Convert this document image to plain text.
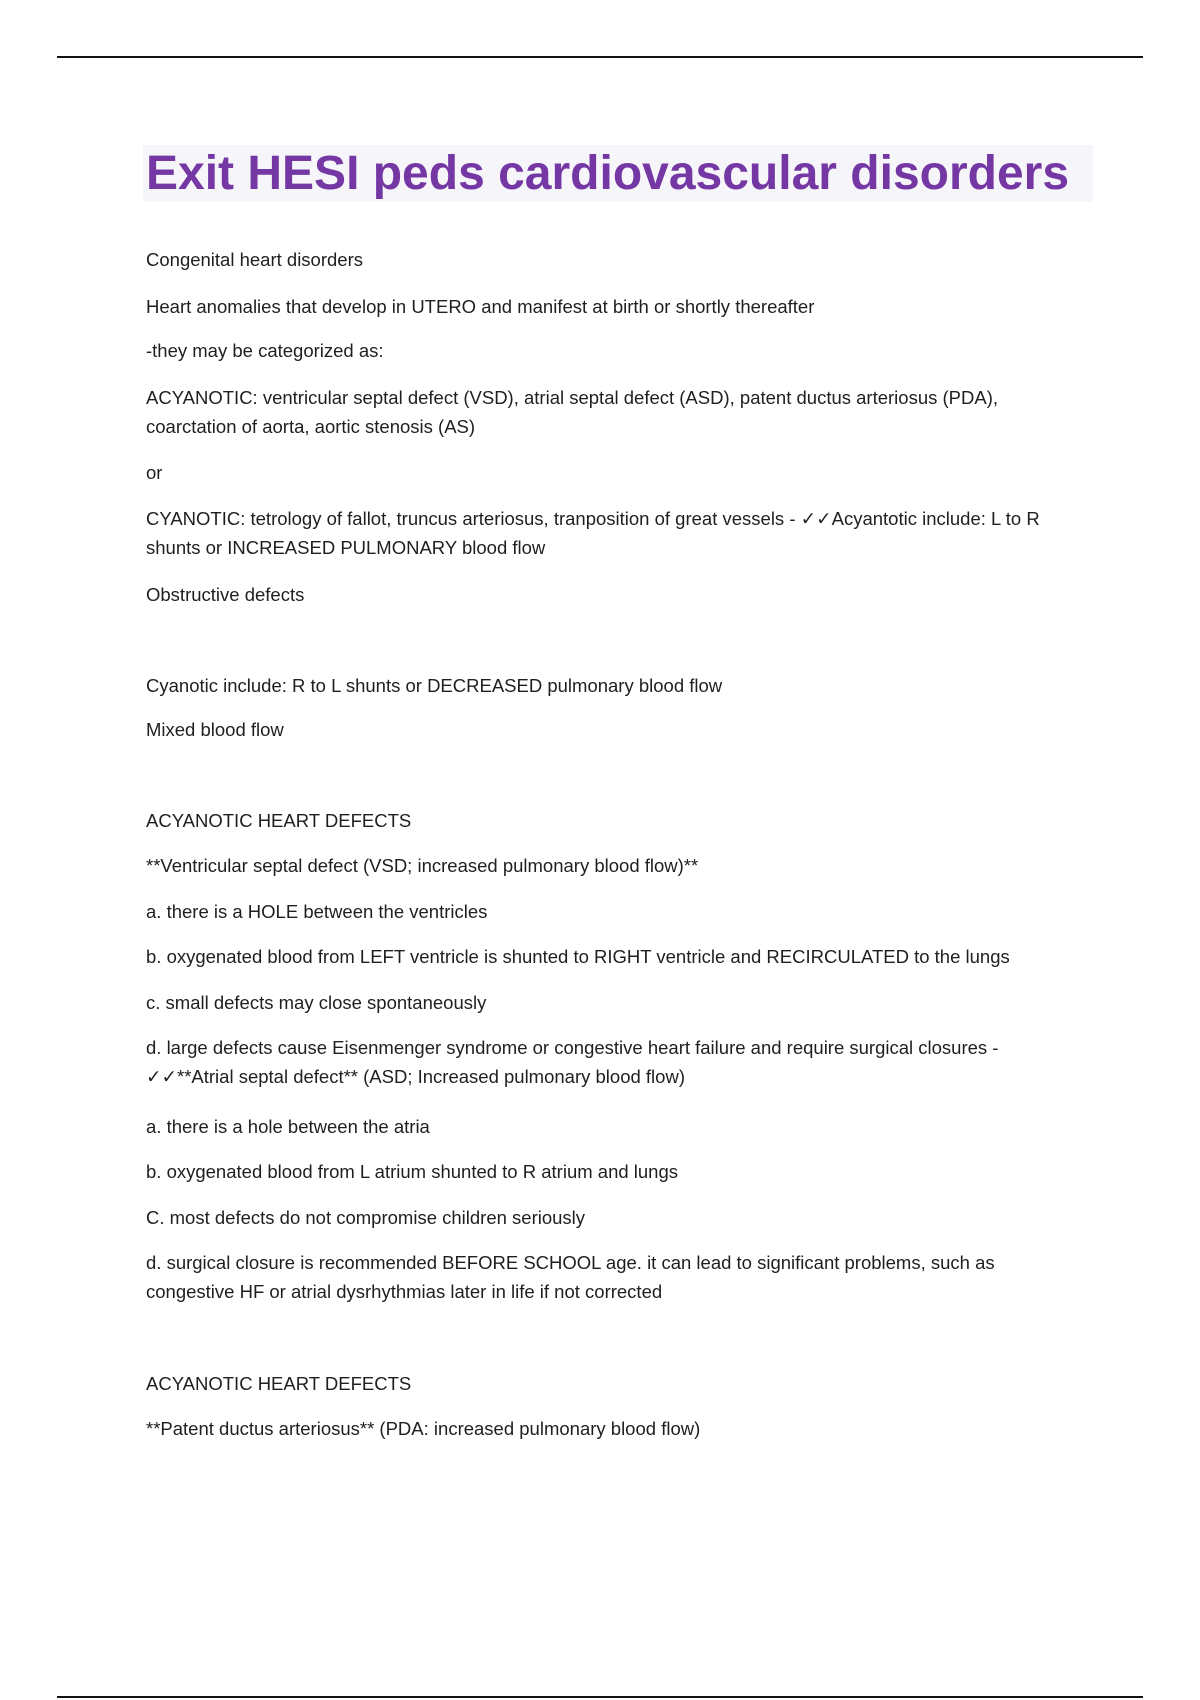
Exit HESI peds cardiovascular disorders

Congenital heart disorders

Heart anomalies that develop in UTERO and manifest at birth or shortly thereafter

-they may be categorized as:

ACYANOTIC: ventricular septal defect (VSD), atrial septal defect (ASD), patent ductus arteriosus (PDA), coarctation of aorta, aortic stenosis (AS)

or

CYANOTIC: tetrology of fallot, truncus arteriosus, tranposition of great vessels - ✓✓Acyantotic include: L to R shunts or INCREASED PULMONARY blood flow

Obstructive defects

Cyanotic include: R to L shunts or DECREASED pulmonary blood flow

Mixed blood flow

ACYANOTIC HEART DEFECTS

**Ventricular septal defect (VSD; increased pulmonary blood flow)**

a. there is a HOLE between the ventricles

b. oxygenated blood from LEFT ventricle is shunted to RIGHT ventricle and RECIRCULATED to the lungs

c. small defects may close spontaneously

d. large defects cause Eisenmenger syndrome or congestive heart failure and require surgical closures - ✓✓**Atrial septal defect** (ASD; Increased pulmonary blood flow)

a. there is a hole between the atria

b. oxygenated blood from L atrium shunted to R atrium and lungs

C. most defects do not compromise children seriously

d. surgical closure is recommended BEFORE SCHOOL age. it can lead to significant problems, such as congestive HF or atrial dysrhythmias later in life if not corrected

ACYANOTIC HEART DEFECTS

**Patent ductus arteriosus** (PDA: increased pulmonary blood flow)
